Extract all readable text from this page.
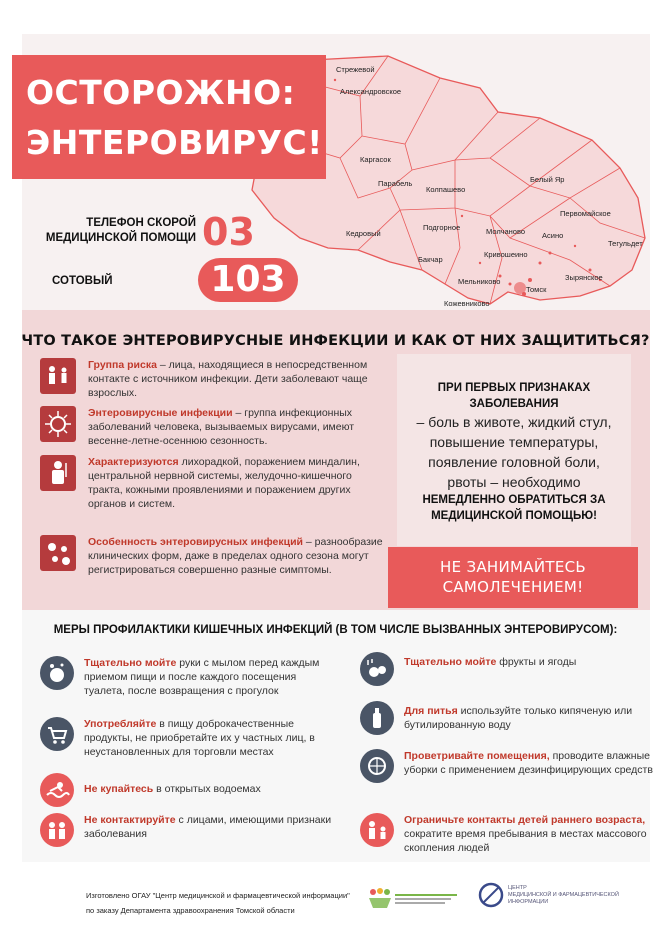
Стрежевой
Александровское
Каргасок
Парабель
Колпашево
Белый Яр
Кедровый
Подгорное	Молчаново
Первомайское
Тегульдет
Бакчар
Кривошеино
Асино
Зырянское
Мельниково
Томск
Кожевниково
ОСТОРОЖНО:
ЭНТЕРОВИРУС!
ТЕЛЕФОН СКОРОЙ
МЕДИЦИНСКОЙ ПОМОЩИ 03
СОТОВЫЙ	103
ЧТО ТАКОЕ ЭНТЕРОВИРУСНЫЕ ИНФЕКЦИИ И КАК ОТ НИХ ЗАЩИТИТЬСЯ?
Группа риска – лица, находящиеся в непосредственном контакте с источником инфекции. Дети заболевают чаще взрослых.
Энтеровирусные инфекции – группа инфекционных заболеваний человека, вызываемых вирусами, имеют весенне-летне-осеннюю сезонность.
Характеризуются лихорадкой, поражением миндалин, центральной нервной системы, желудочно-кишечного тракта, кожными проявлениями и поражением других органов и систем.
Особенность энтеровирусных инфекций – разнообразие клинических форм, даже в пределах одного сезона могут регистрироваться совершенно разные симптомы.
ПРИ ПЕРВЫХ ПРИЗНАКАХ
ЗАБОЛЕВАНИЯ
– боль в животе, жидкий стул,
повышение температуры,
появление головной боли,
рвоты – необходимо
НЕМЕДЛЕННО ОБРАТИТЬСЯ ЗА
МЕДИЦИНСКОЙ ПОМОЩЬЮ!
НЕ ЗАНИМАЙТЕСЬ
САМОЛЕЧЕНИЕМ!
МЕРЫ ПРОФИЛАКТИКИ КИШЕЧНЫХ ИНФЕКЦИЙ (В ТОМ ЧИСЛЕ ВЫЗВАННЫХ ЭНТЕРОВИРУСОМ):
Тщательно мойте руки с мылом перед каждым приемом пищи и после каждого посещения туалета, после возвращения с прогулок
Употребляйте в пищу доброкачественные продукты, не приобретайте их у частных лиц, в неустановленных для торговли местах
Не купайтесь в открытых водоемах
Не контактируйте с лицами, имеющими признаки заболевания
Тщательно мойте фрукты и ягоды
Для питья используйте только кипяченую или бутилированную воду
Проветривайте помещения, проводите влажные уборки с применением дезинфицирующих средств
Ограничьте контакты детей раннего возраста, сократите время пребывания в местах массового скопления людей
Изготовлено ОГАУ "Центр медицинской и фармацевтической информации"
по заказу Департамента здравоохранения Томской области
ЦЕНТР
МЕДИЦИНСКОЙ И ФАРМАЦЕВТИЧЕСКОЙ
ИНФОРМАЦИИ
